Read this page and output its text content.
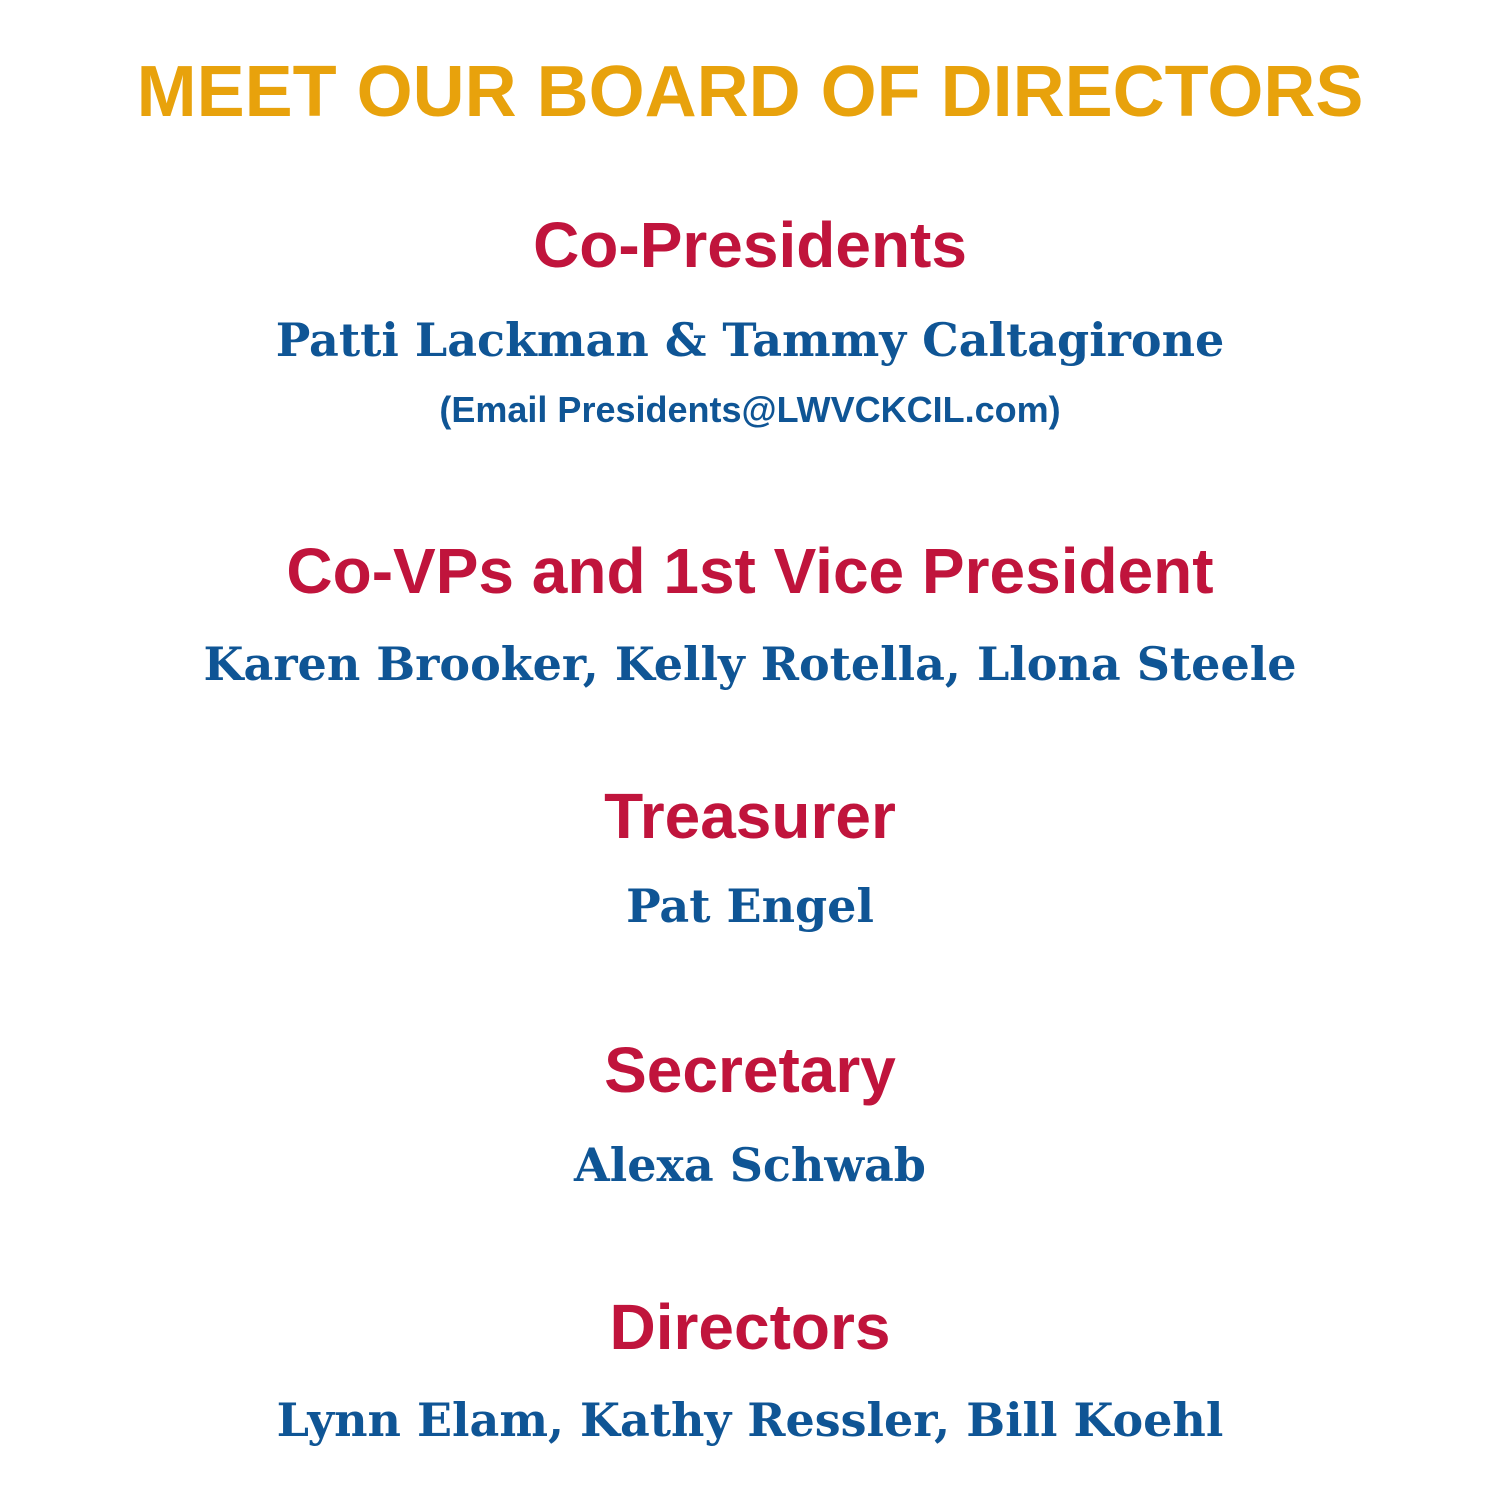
MEET OUR BOARD OF DIRECTORS
Co-Presidents

Patti Lackman & Tammy Caltagirone

(Email Presidents@LWVCKCIL.com)

Co-VPs and 1st Vice President

Karen Brooker, Kelly Rotella, Llona Steele

Treasurer

Pat Engel

Secretary

Alexa Schwab

Directors

Lynn Elam, Kathy Ressler, Bill Koehl
